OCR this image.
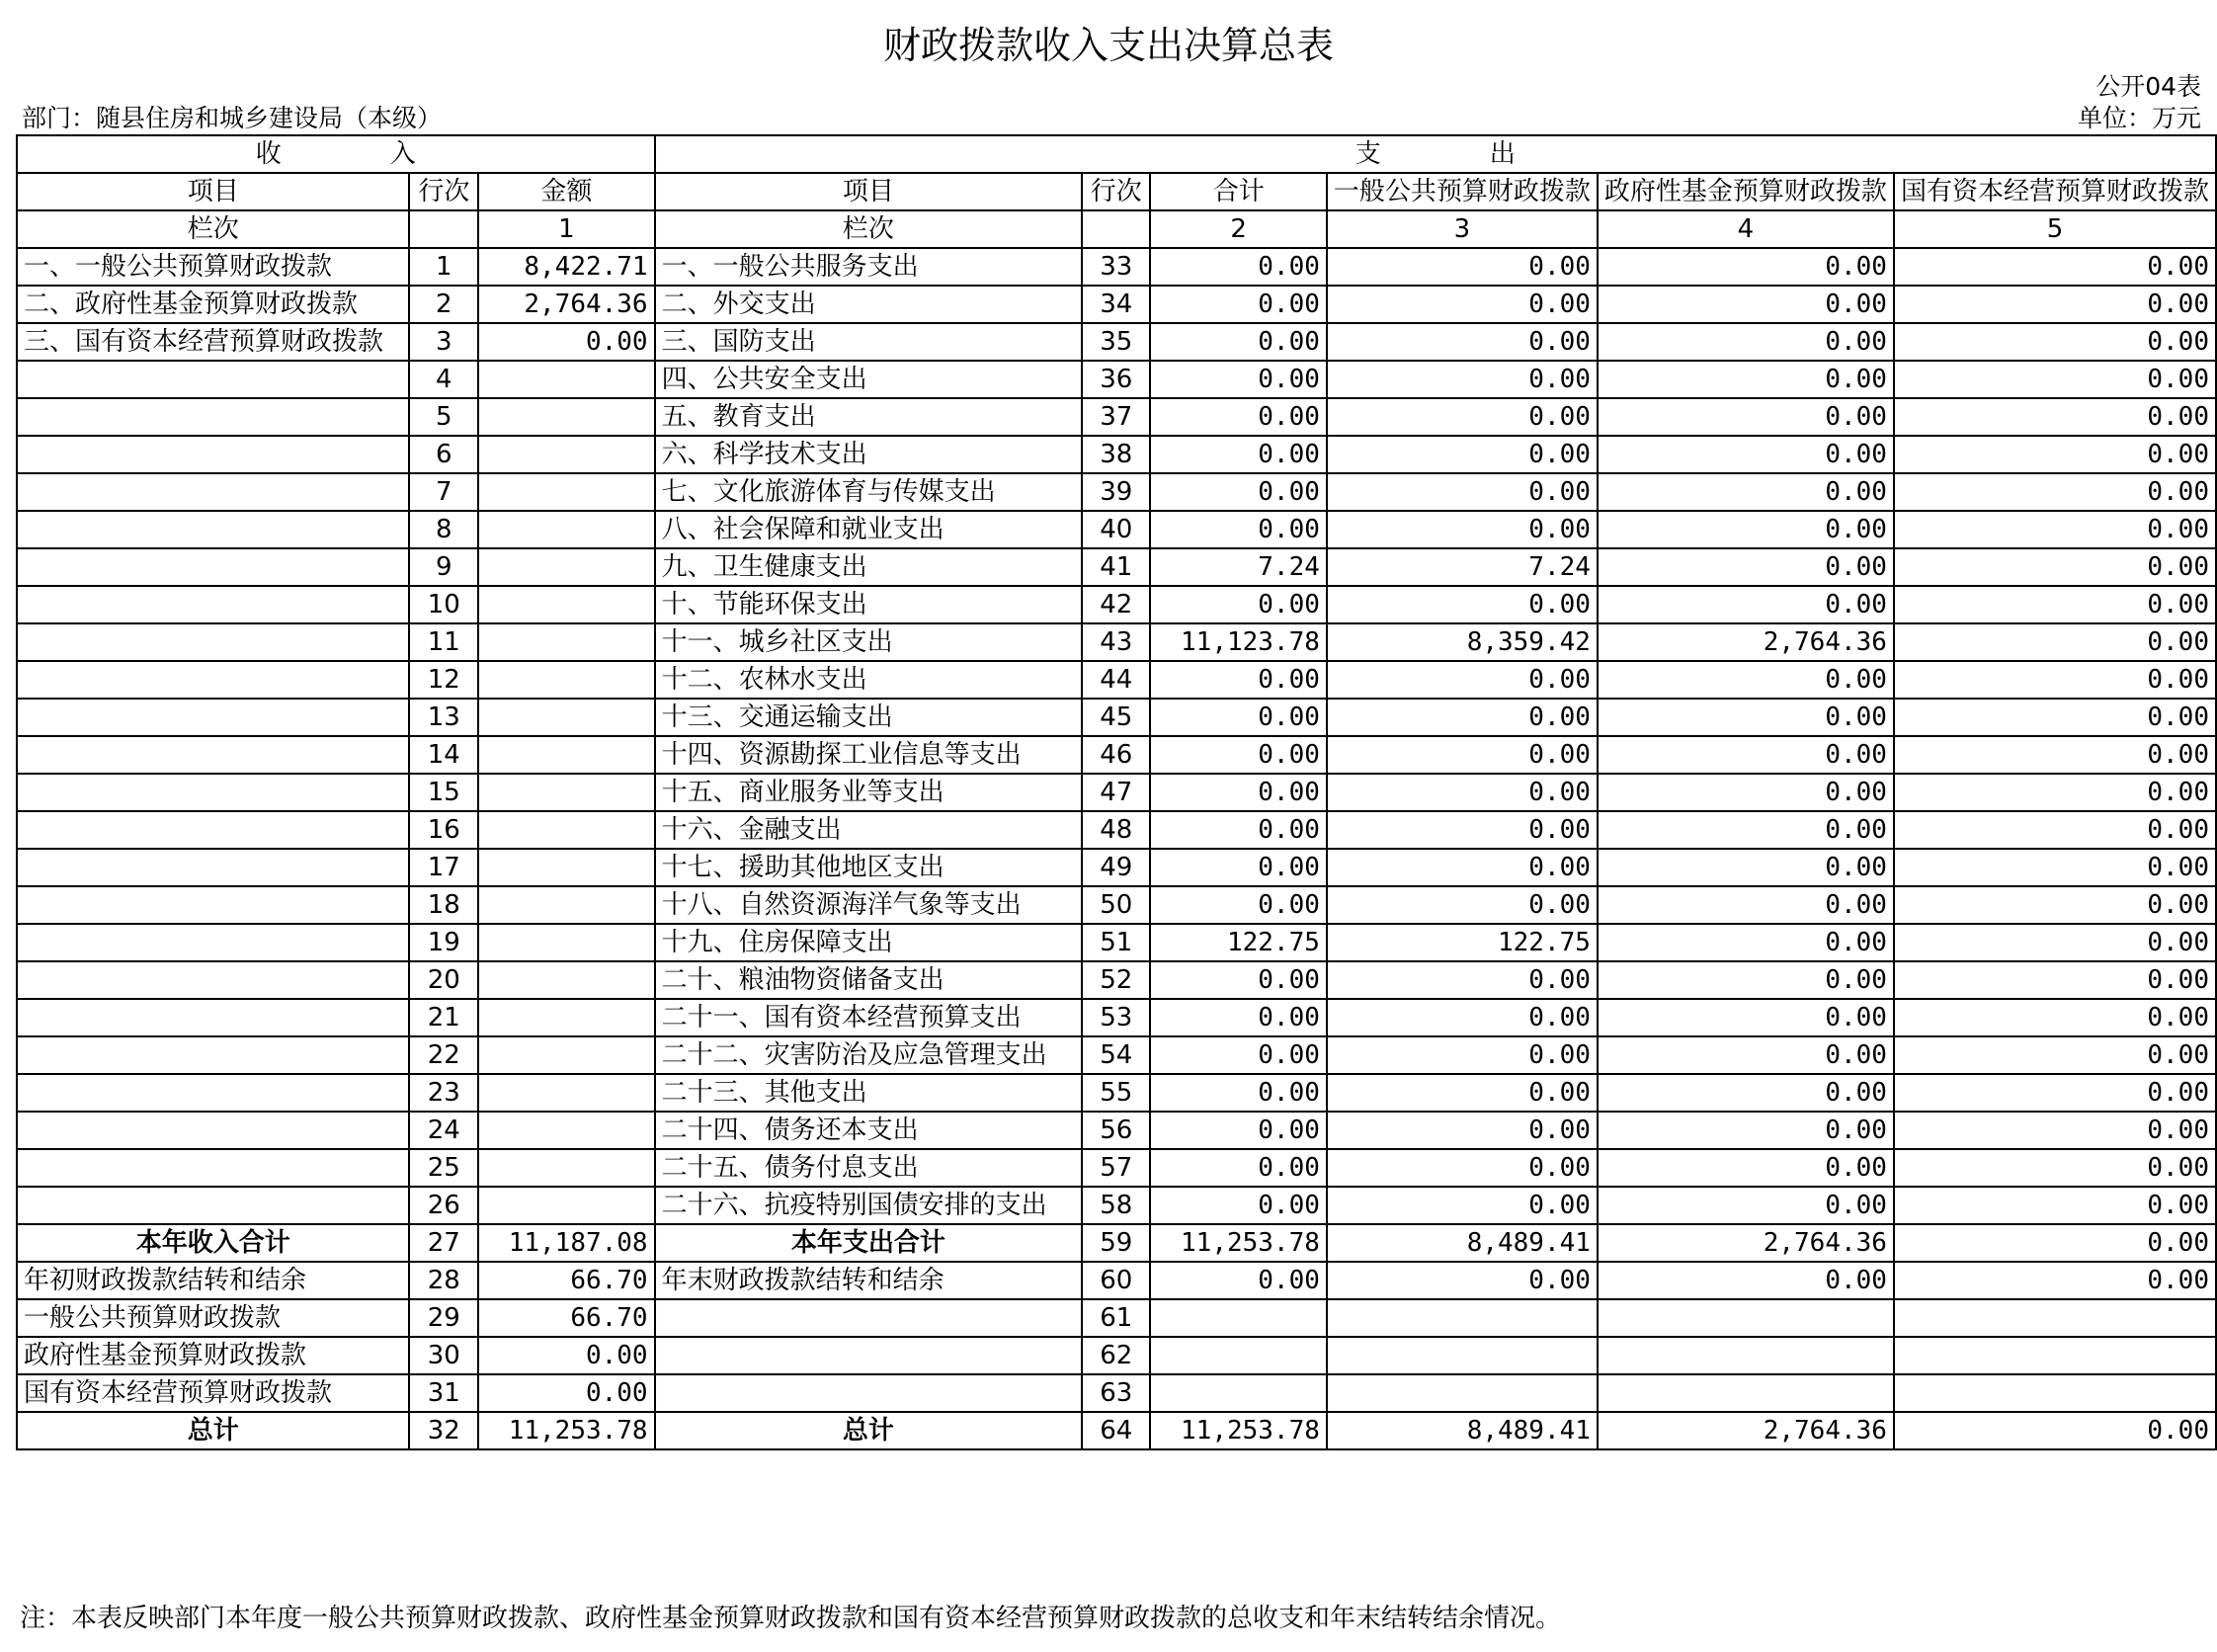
财政拨款收入支出决算总表
公开04表
部门：随县住房和城乡建设局（本级）	单位：万元
收 入			支 出					
项目	行次	金额	项目	行次	合计	一般公共预算财政拨款	政府性基金预算财政拨款	国有资本经营预算财政拨款
栏次		1	栏次		2	3	4	5
一、一般公共预算财政拨款	1	8,422.71	一、一般公共服务支出	33	0.00	0.00	0.00	0.00
二、政府性基金预算财政拨款	2	2,764.36	二、外交支出	34	0.00	0.00	0.00	0.00
三、国有资本经营预算财政拨款	3	0.00	三、国防支出	35	0.00	0.00	0.00	0.00
	4		四、公共安全支出	36	0.00	0.00	0.00	0.00
	5		五、教育支出	37	0.00	0.00	0.00	0.00
	6		六、科学技术支出	38	0.00	0.00	0.00	0.00
	7		七、文化旅游体育与传媒支出	39	0.00	0.00	0.00	0.00
	8		八、社会保障和就业支出	40	0.00	0.00	0.00	0.00
	9		九、卫生健康支出	41	7.24	7.24	0.00	0.00
	10		十、节能环保支出	42	0.00	0.00	0.00	0.00
	11		十一、城乡社区支出	43	11,123.78	8,359.42	2,764.36	0.00
	12		十二、农林水支出	44	0.00	0.00	0.00	0.00
	13		十三、交通运输支出	45	0.00	0.00	0.00	0.00
	14		十四、资源勘探工业信息等支出	46	0.00	0.00	0.00	0.00
	15		十五、商业服务业等支出	47	0.00	0.00	0.00	0.00
	16		十六、金融支出	48	0.00	0.00	0.00	0.00
	17		十七、援助其他地区支出	49	0.00	0.00	0.00	0.00
	18		十八、自然资源海洋气象等支出	50	0.00	0.00	0.00	0.00
	19		十九、住房保障支出	51	122.75	122.75	0.00	0.00
	20		二十、粮油物资储备支出	52	0.00	0.00	0.00	0.00
	21		二十一、国有资本经营预算支出	53	0.00	0.00	0.00	0.00
	22		二十二、灾害防治及应急管理支出	54	0.00	0.00	0.00	0.00
	23		二十三、其他支出	55	0.00	0.00	0.00	0.00
	24		二十四、债务还本支出	56	0.00	0.00	0.00	0.00
	25		二十五、债务付息支出	57	0.00	0.00	0.00	0.00
	26		二十六、抗疫特别国债安排的支出	58	0.00	0.00	0.00	0.00
本年收入合计	27	11,187.08	本年支出合计	59	11,253.78	8,489.41	2,764.36	0.00
年初财政拨款结转和结余	28	66.70	年末财政拨款结转和结余	60	0.00	0.00	0.00	0.00
一般公共预算财政拨款	29	66.70		61				
政府性基金预算财政拨款	30	0.00		62				
国有资本经营预算财政拨款	31	0.00		63				
总计	32	11,253.78	总计	64	11,253.78	8,489.41	2,764.36	0.00
注：本表反映部门本年度一般公共预算财政拨款、政府性基金预算财政拨款和国有资本经营预算财政拨款的总收支和年末结转结余情况。
